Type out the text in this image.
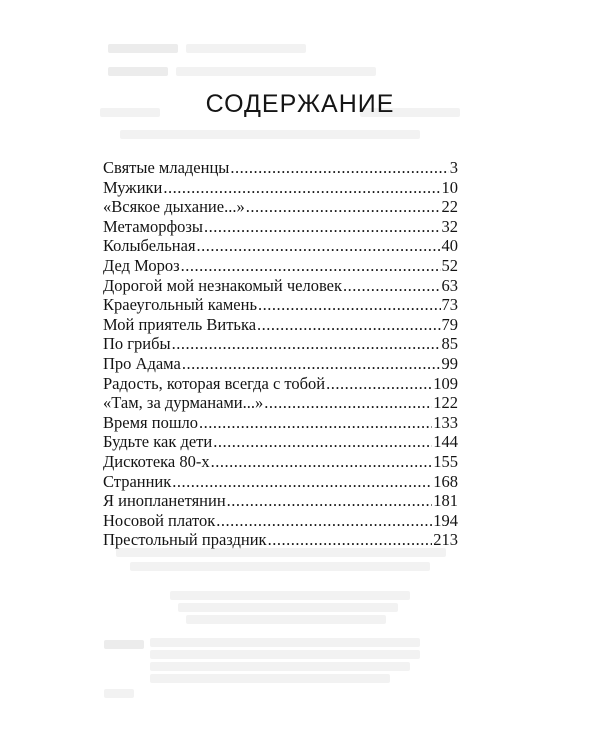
СОДЕРЖАНИЕ
Святые младенцы .....	3
Мужики .....	10
«Всякое дыхание...» .....	22
Метаморфозы .....	32
Колыбельная .....	40
Дед Мороз .....	52
Дорогой мой незнакомый человек .....	63
Краеугольный камень .....	73
Мой приятель Витька .....	79
По грибы .....	85
Про Адама .....	99
Радость, которая всегда с тобой .....	109
«Там, за дурманами...» .....	122
Время пошло .....	133
Будьте как дети .....	144
Дискотека 80-х .....	155
Странник .....	168
Я инопланетянин .....	181
Носовой платок .....	194
Престольный праздник .....	213
